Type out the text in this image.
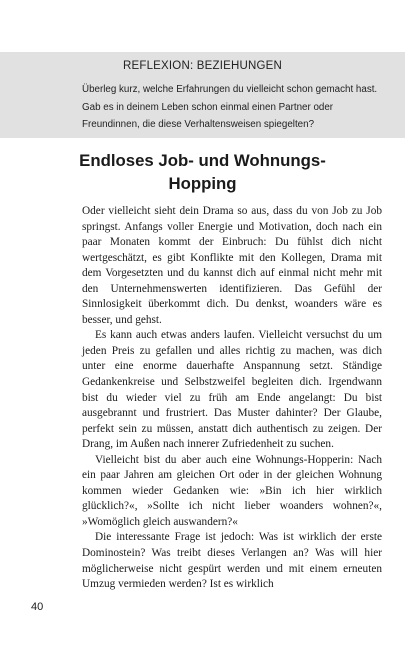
REFLEXION: BEZIEHUNGEN
Überleg kurz, welche Erfahrungen du vielleicht schon gemacht hast. Gab es in deinem Leben schon einmal einen Partner oder Freundinnen, die diese Verhaltensweisen spiegelten?
Endloses Job- und Wohnungs-Hopping

Oder vielleicht sieht dein Drama so aus, dass du von Job zu Job springst. Anfangs voller Energie und Motivation, doch nach ein paar Monaten kommt der Einbruch: Du fühlst dich nicht wertgeschätzt, es gibt Konflikte mit den Kollegen, Drama mit dem Vorgesetzten und du kannst dich auf einmal nicht mehr mit den Unternehmenswerten identifizieren. Das Gefühl der Sinnlosigkeit überkommt dich. Du denkst, woanders wäre es besser, und gehst.

Es kann auch etwas anders laufen. Vielleicht versuchst du um jeden Preis zu gefallen und alles richtig zu machen, was dich unter eine enorme dauerhafte Anspannung setzt. Ständige Gedankenkreise und Selbstzweifel begleiten dich. Irgendwann bist du wieder viel zu früh am Ende angelangt: Du bist ausgebrannt und frustriert. Das Muster dahinter? Der Glaube, perfekt sein zu müssen, anstatt dich authentisch zu zeigen. Der Drang, im Außen nach innerer Zufriedenheit zu suchen.

Vielleicht bist du aber auch eine Wohnungs-Hopperin: Nach ein paar Jahren am gleichen Ort oder in der gleichen Wohnung kommen wieder Gedanken wie: »Bin ich hier wirklich glücklich?«, »Sollte ich nicht lieber woanders wohnen?«, »Womöglich gleich auswandern?«

Die interessante Frage ist jedoch: Was ist wirklich der erste Dominostein? Was treibt dieses Verlangen an? Was will hier möglicherweise nicht gespürt werden und mit einem erneuten Umzug vermieden werden? Ist es wirklich

40
